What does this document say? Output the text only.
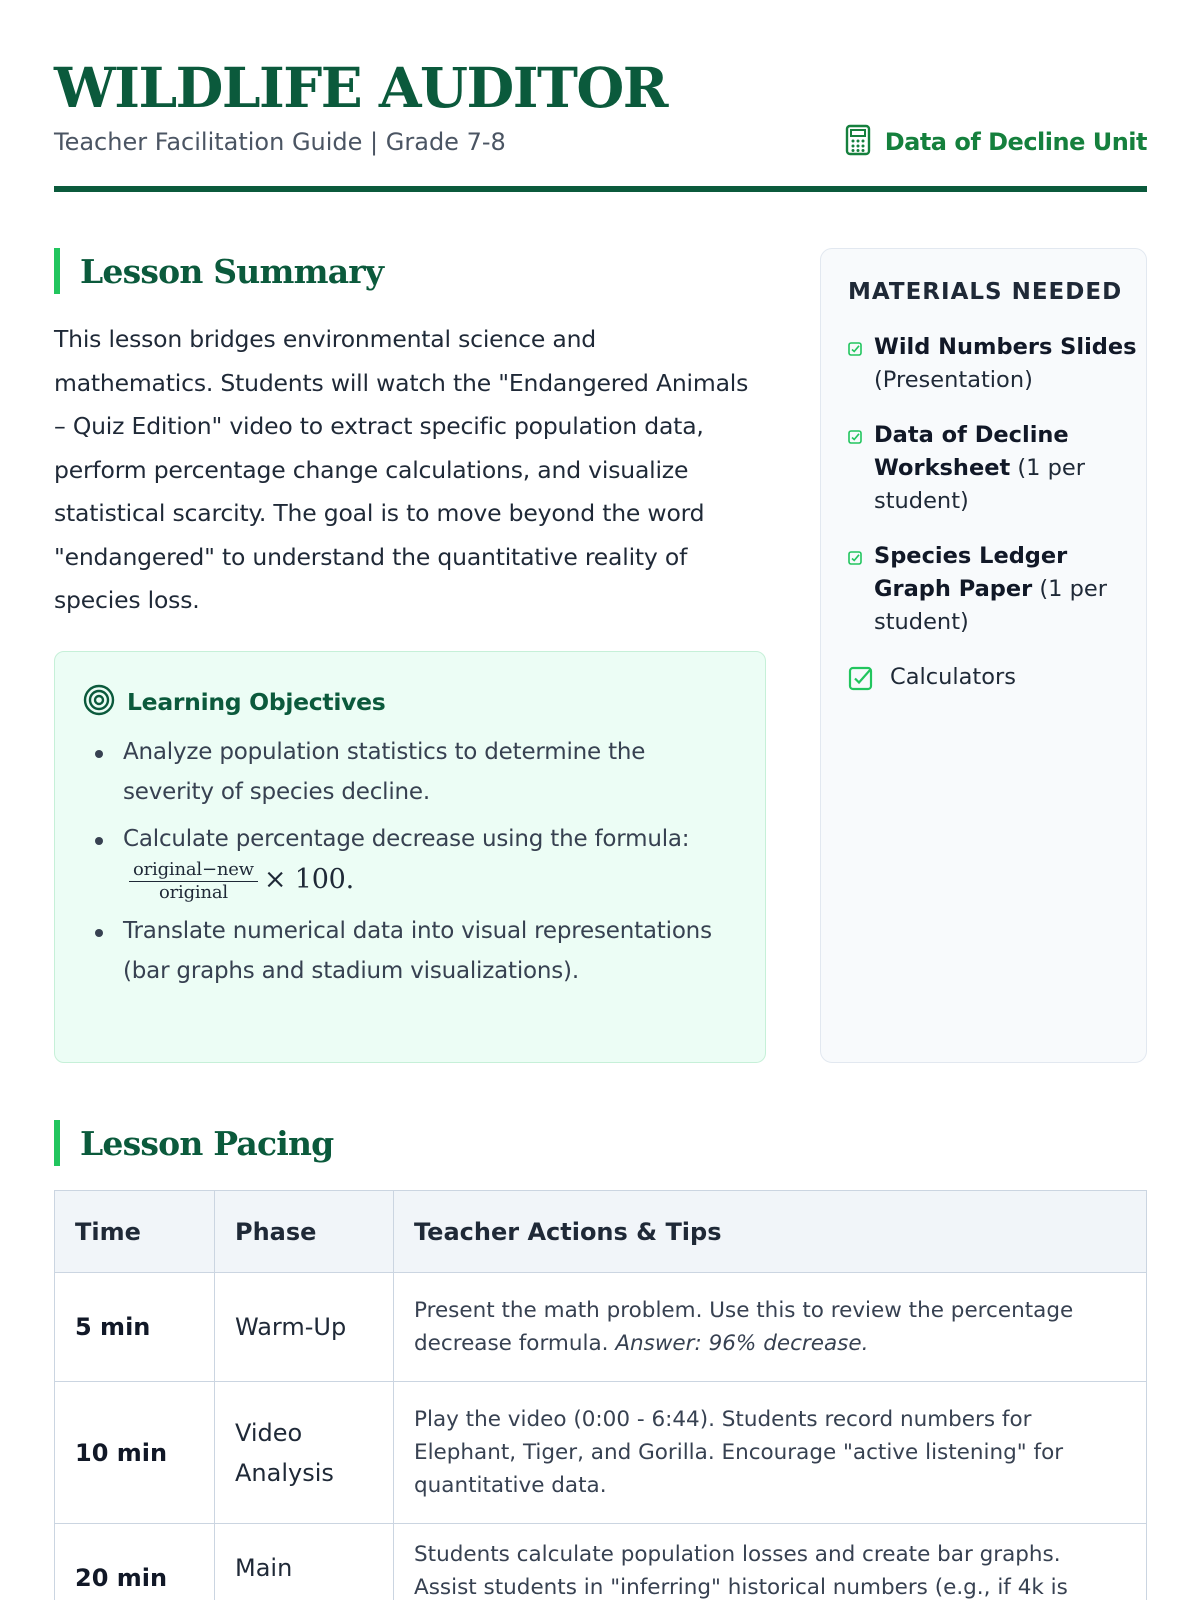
WILDLIFE AUDITOR
Teacher Facilitation Guide | Grade 7-8	Data of Decline Unit
Lesson Summary

This lesson bridges environmental science and mathematics. Students will watch the "Endangered Animals – Quiz Edition" video to extract specific population data, perform percentage change calculations, and visualize statistical scarcity. The goal is to move beyond the word "endangered" to understand the quantitative reality of species loss.

Learning Objectives
Analyze population statistics to determine the severity of species decline.
Calculate percentage decrease using the formula:
$\frac{\text{original−new}}{\text{original}} \times 100$.
Translate numerical data into visual representations (bar graphs and stadium visualizations).
MATERIALS NEEDED
Wild Numbers Slides
(Presentation)
Data of Decline Worksheet (1 per student)
Species Ledger Graph Paper (1 per student)
Calculators
Lesson Pacing
Time	Phase	Teacher Actions & Tips
5 min	Warm-Up	Present the math problem. Use this to review the percentage decrease formula. Answer: 96% decrease.
10 min	Video Analysis	Play the video (0:00 - 6:44). Students record numbers for Elephant, Tiger, and Gorilla. Encourage "active listening" for quantitative data.
20 min	Main	Students calculate population losses and create bar graphs. Assist students in "inferring" historical numbers (e.g., if 4k is
